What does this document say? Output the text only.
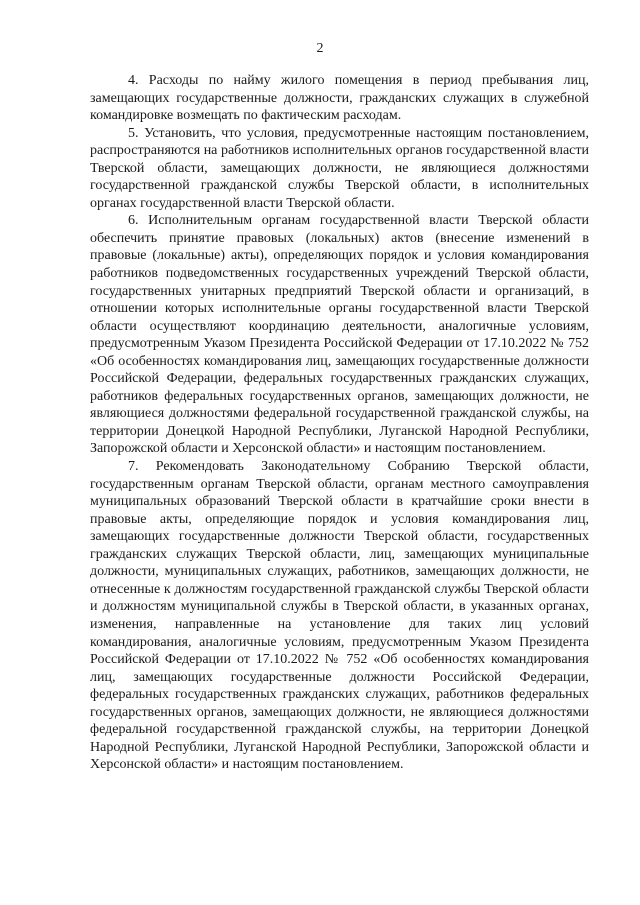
2

4. Расходы по найму жилого помещения в период пребывания лиц, замещающих государственные должности, гражданских служащих в служебной командировке возмещать по фактическим расходам.

5. Установить, что условия, предусмотренные настоящим постановлением, распространяются на работников исполнительных органов государственной власти Тверской области, замещающих должности, не являющиеся должностями государственной гражданской службы Тверской области, в исполнительных органах государственной власти Тверской области.

6. Исполнительным органам государственной власти Тверской области обеспечить принятие правовых (локальных) актов (внесение изменений в правовые (локальные) акты), определяющих порядок и условия командирования работников подведомственных государственных учреждений Тверской области, государственных унитарных предприятий Тверской области и организаций, в отношении которых исполнительные органы государственной власти Тверской области осуществляют координацию деятельности, аналогичные условиям, предусмотренным Указом Президента Российской Федерации от 17.10.2022 № 752 «Об особенностях командирования лиц, замещающих государственные должности Российской Федерации, федеральных государственных гражданских служащих, работников федеральных государственных органов, замещающих должности, не являющиеся должностями федеральной государственной гражданской службы, на территории Донецкой Народной Республики, Луганской Народной Республики, Запорожской области и Херсонской области» и настоящим постановлением.

7. Рекомендовать Законодательному Собранию Тверской области, государственным органам Тверской области, органам местного самоуправления муниципальных образований Тверской области в кратчайшие сроки внести в правовые акты, определяющие порядок и условия командирования лиц, замещающих государственные должности Тверской области, государственных гражданских служащих Тверской области, лиц, замещающих муниципальные должности, муниципальных служащих, работников, замещающих должности, не отнесенные к должностям государственной гражданской службы Тверской области и должностям муниципальной службы в Тверской области, в указанных органах, изменения, направленные на установление для таких лиц условий командирования, аналогичные условиям, предусмотренным Указом Президента Российской Федерации от 17.10.2022 № 752 «Об особенностях командирования лиц, замещающих государственные должности Российской Федерации, федеральных государственных гражданских служащих, работников федеральных государственных органов, замещающих должности, не являющиеся должностями федеральной государственной гражданской службы, на территории Донецкой Народной Республики, Луганской Народной Республики, Запорожской области и Херсонской области» и настоящим постановлением.
